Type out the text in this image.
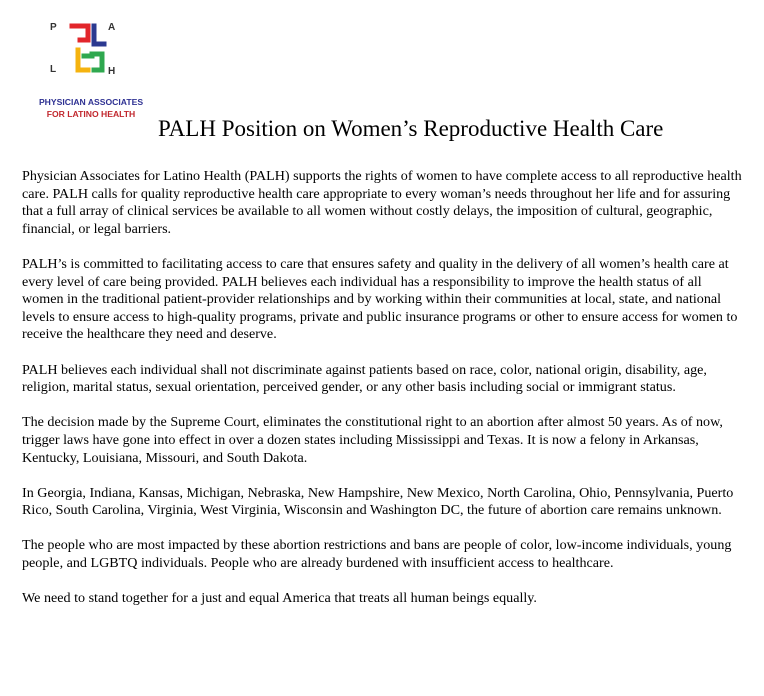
P	A
L	H
PHYSICIAN ASSOCIATES
FOR LATINO HEALTH
PALH Position on Women’s Reproductive Health Care

Physician Associates for Latino Health (PALH) supports the rights of women to have complete access to all reproductive health care. PALH calls for quality reproductive health care appropriate to every woman’s needs throughout her life and for assuring that a full array of clinical services be available to all women without costly delays, the imposition of cultural, geographic, financial, or legal barriers.

PALH’s is committed to facilitating access to care that ensures safety and quality in the delivery of all women’s health care at every level of care being provided. PALH believes each individual has a responsibility to improve the health status of all women in the traditional patient-provider relationships and by working within their communities at local, state, and national levels to ensure access to high-quality programs, private and public insurance programs or other to ensure access for women to receive the healthcare they need and deserve.

PALH believes each individual shall not discriminate against patients based on race, color, national origin, disability, age, religion, marital status, sexual orientation, perceived gender, or any other basis including social or immigrant status.

The decision made by the Supreme Court, eliminates the constitutional right to an abortion after almost 50 years. As of now, trigger laws have gone into effect in over a dozen states including Mississippi and Texas. It is now a felony in Arkansas, Kentucky, Louisiana, Missouri, and South Dakota.

In Georgia, Indiana, Kansas, Michigan, Nebraska, New Hampshire, New Mexico, North Carolina, Ohio, Pennsylvania, Puerto Rico, South Carolina, Virginia, West Virginia, Wisconsin and Washington DC, the future of abortion care remains unknown.

The people who are most impacted by these abortion restrictions and bans are people of color, low-income individuals, young people, and LGBTQ individuals. People who are already burdened with insufficient access to healthcare.

We need to stand together for a just and equal America that treats all human beings equally.
